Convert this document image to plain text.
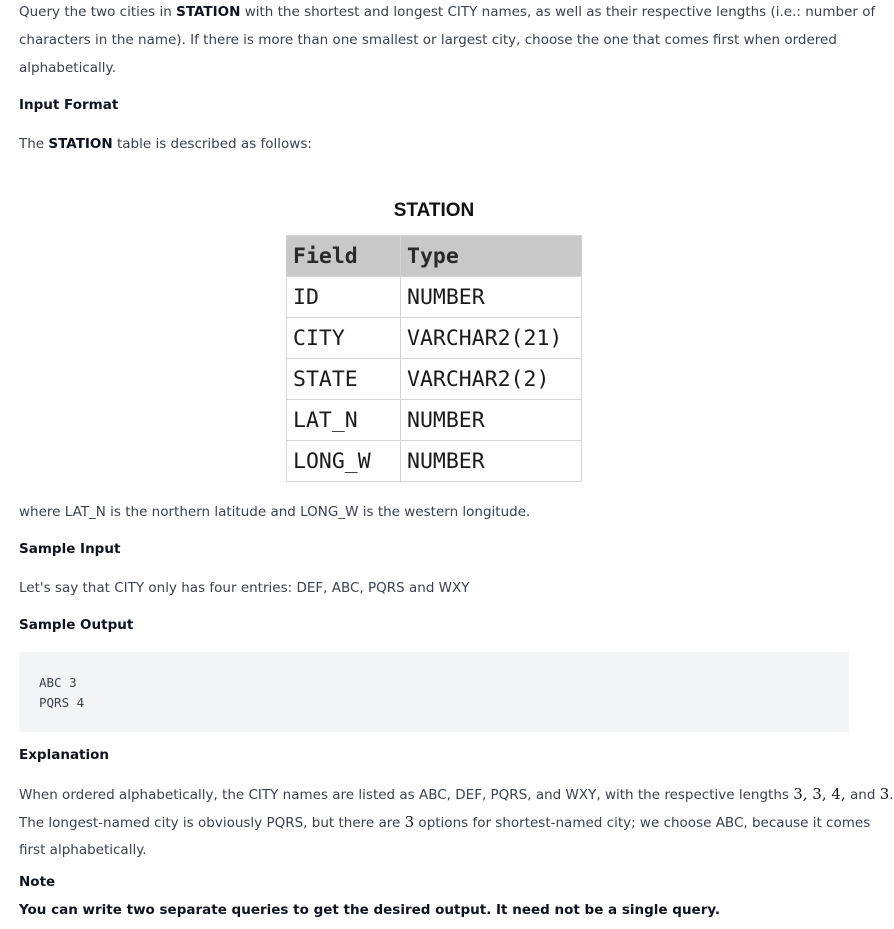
Query the two cities in STATION with the shortest and longest CITY names, as well as their respective lengths (i.e.: number of
characters in the name). If there is more than one smallest or largest city, choose the one that comes first when ordered
alphabetically.
Input Format
The STATION table is described as follows:
STATION
Field	Type
ID	NUMBER
CITY	VARCHAR2(21)
STATE	VARCHAR2(2)
LAT_N	NUMBER
LONG_W	NUMBER
where LAT_N is the northern latitude and LONG_W is the western longitude.
Sample Input
Let's say that CITY only has four entries: DEF, ABC, PQRS and WXY
Sample Output
ABC 3
PQRS 4
Explanation
When ordered alphabetically, the CITY names are listed as ABC, DEF, PQRS, and WXY, with the respective lengths 3, 3, 4, and 3.
The longest-named city is obviously PQRS, but there are 3 options for shortest-named city; we choose ABC, because it comes
first alphabetically.
Note
You can write two separate queries to get the desired output. It need not be a single query.
